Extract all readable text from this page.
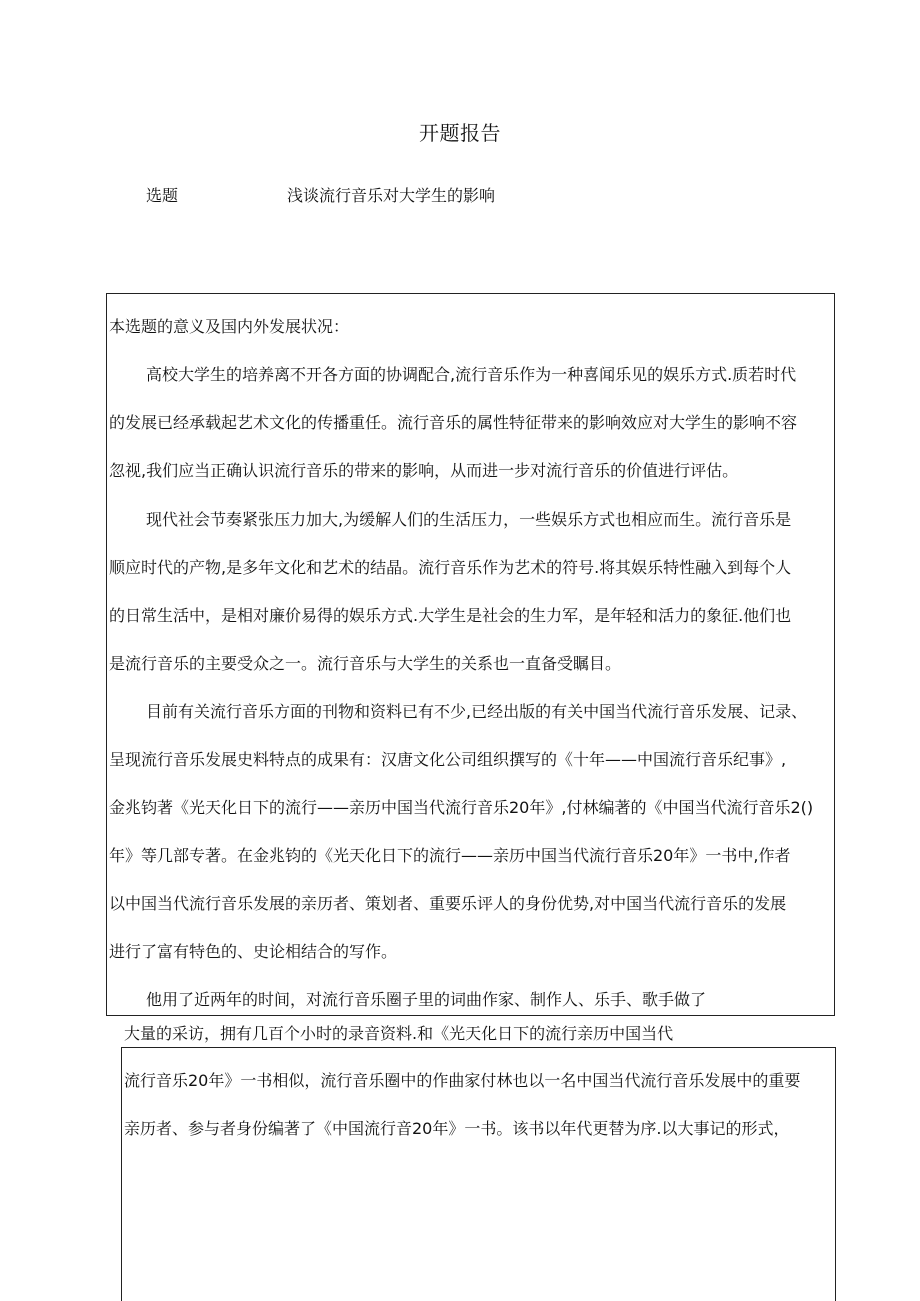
开题报告
选题	浅谈流行音乐对大学生的影响
本选题的意义及国内外发展状况：
高校大学生的培养离不开各方面的协调配合,流行音乐作为一种喜闻乐见的娱乐方式.质若时代
的发展已经承载起艺术文化的传播重任。流行音乐的属性特征带来的影响效应对大学生的影响不容
忽视,我们应当正确认识流行音乐的带来的影响，从而进一步对流行音乐的价值进行评估。
现代社会节奏紧张压力加大,为缓解人们的生活压力，一些娱乐方式也相应而生。流行音乐是
顺应时代的产物,是多年文化和艺术的结晶。流行音乐作为艺术的符号.将其娱乐特性融入到每个人
的日常生活中，是相对廉价易得的娱乐方式.大学生是社会的生力军，是年轻和活力的象征.他们也
是流行音乐的主要受众之一。流行音乐与大学生的关系也一直备受瞩目。
目前有关流行音乐方面的刊物和资料已有不少,已经出版的有关中国当代流行音乐发展、记录、
呈现流行音乐发展史料特点的成果有：汉唐文化公司组织撰写的《十年——中国流行音乐纪事》,
金兆钧著《光天化日下的流行——亲历中国当代流行音乐20年》,付林编著的《中国当代流行音乐2()
年》等几部专著。在金兆钧的《光天化日下的流行——亲历中国当代流行音乐20年》一书中,作者
以中国当代流行音乐发展的亲历者、策划者、重要乐评人的身份优势,对中国当代流行音乐的发展
进行了富有特色的、史论相结合的写作。
他用了近两年的时间，对流行音乐圈子里的词曲作家、制作人、乐手、歌手做了
大量的采访，拥有几百个小时的录音资料.和《光天化日下的流行亲历中国当代
流行音乐20年》一书相似，流行音乐圈中的作曲家付林也以一名中国当代流行音乐发展中的重要
亲历者、参与者身份编著了《中国流行音20年》一书。该书以年代更替为序.以大事记的形式，
